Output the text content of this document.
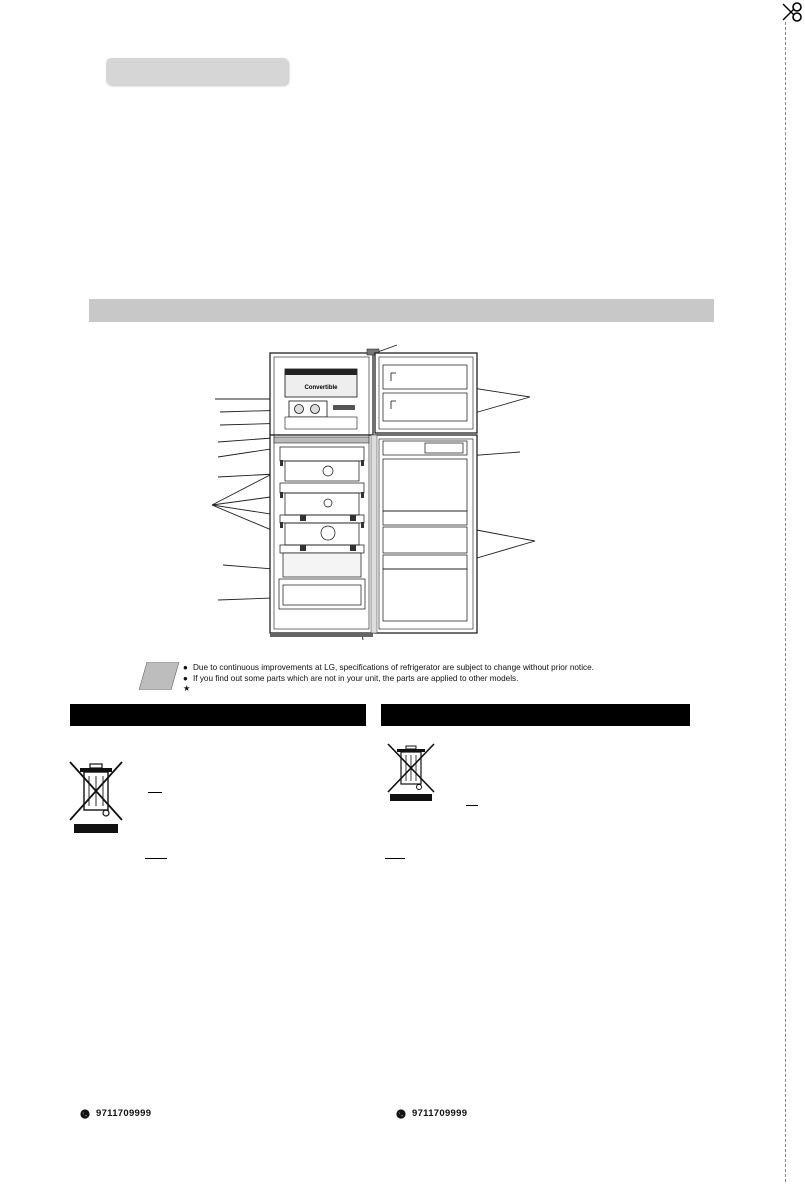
Convertible
● Due to continuous improvements at LG, specifications of refrigerator are subject to change without prior notice.
● If you find out some parts which are not in your unit, the parts are applied to other models.
★
9711709999	9711709999
